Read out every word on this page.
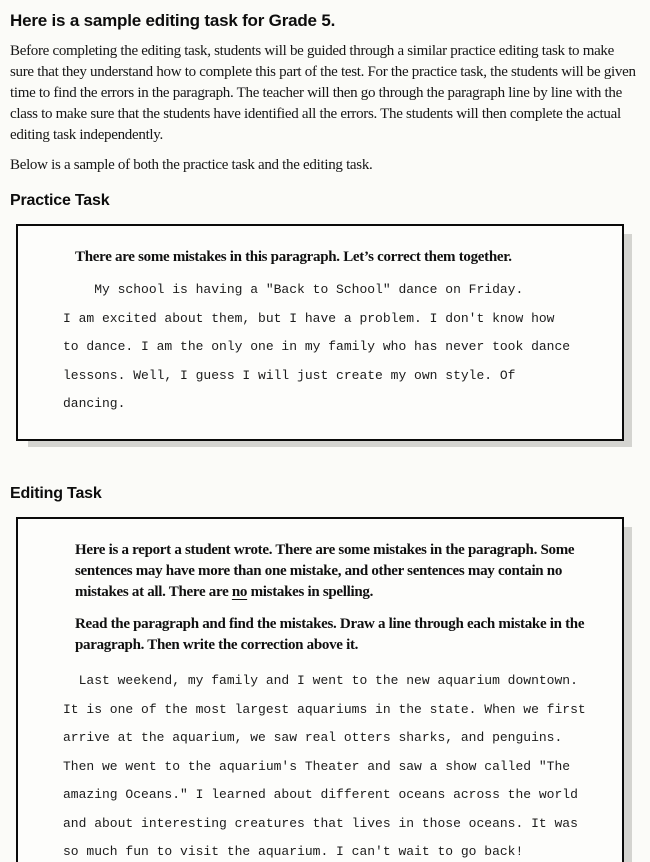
Here is a sample editing task for Grade 5.

Before completing the editing task, students will be guided through a similar practice editing task to make sure that they understand how to complete this part of the test. For the practice task, the students will be given time to find the errors in the paragraph. The teacher will then go through the paragraph line by line with the class to make sure that the students have identified all the errors. The students will then complete the actual editing task independently.

Below is a sample of both the practice task and the editing task.

Practice Task

There are some mistakes in this paragraph. Let’s correct them together.

My school is having a "Back to School" dance on Friday.
I am excited about them, but I have a problem. I don't know how
to dance. I am the only one in my family who has never took dance
lessons. Well, I guess I will just create my own style. Of
dancing.
Editing Task

Here is a report a student wrote. There are some mistakes in the paragraph. Some sentences may have more than one mistake, and other sentences may contain no mistakes at all. There are no mistakes in spelling.

Read the paragraph and find the mistakes. Draw a line through each mistake in the paragraph. Then write the correction above it.

Last weekend, my family and I went to the new aquarium downtown.
It is one of the most largest aquariums in the state. When we first
arrive at the aquarium, we saw real otters sharks, and penguins.
Then we went to the aquarium's Theater and saw a show called "The
amazing Oceans." I learned about different oceans across the world
and about interesting creatures that lives in those oceans. It was
so much fun to visit the aquarium. I can't wait to go back!
